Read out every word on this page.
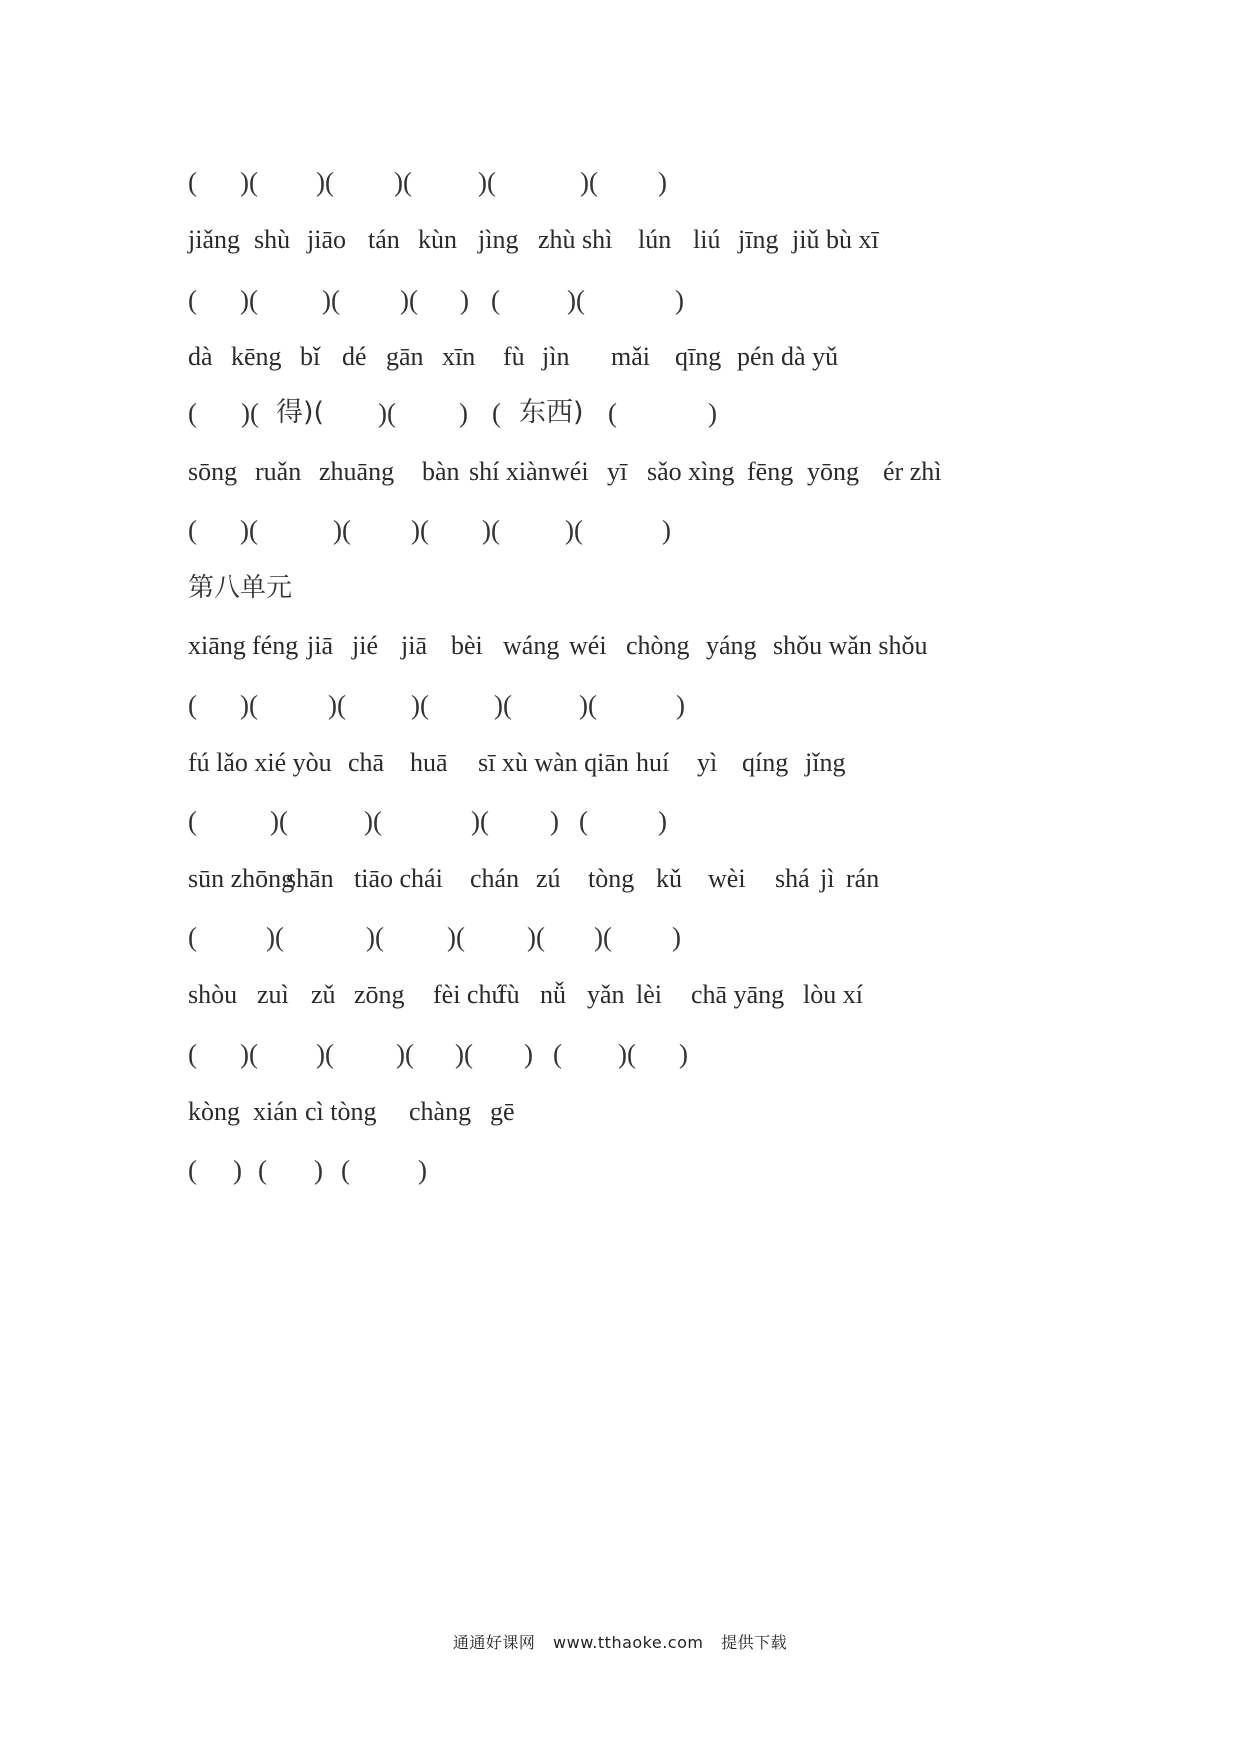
( )( )( )( )(	)( )
jiǎng shù jiāo tán kùn jìng zhù shì lún liú jīng jiǔ bù xī
( )( )( )( ) ( )(	)
dà kēng bǐ dé gān xīn fù jìn mǎi qīng pén dà yǔ
( )( 得)( )( ) ( 东西) (	)
sōng ruǎn zhuāng bàn shí xiàn wéi yī sǎo xìng fēng yōng ér zhì
( )(	)( )( )( )(	)
第八单元
xiāng féng jiā jié jiā bèi wáng wéi chòng yáng shǒu wǎn shǒu
( )(	)( )( )( )(	)
fú lǎo xié yòu chā huā sī xù wàn qiān huí yì qíng jǐng
(	)(	)(	)( ) (	)
sūn zhōng
shān tiāo chái chán zú tòng kǔ wèi shá jì rán
(	)(	)( )( )( )( )
shòu zuì zǔ zōng fèi chú
fù nǚ yǎn lèi chā yāng lòu xí
( )( )( )( )( ) ( )( )
kòng xián cì tòng chàng gē
( ) ( ) (	)
通通好课网 www.tthaoke.com 提供下载
